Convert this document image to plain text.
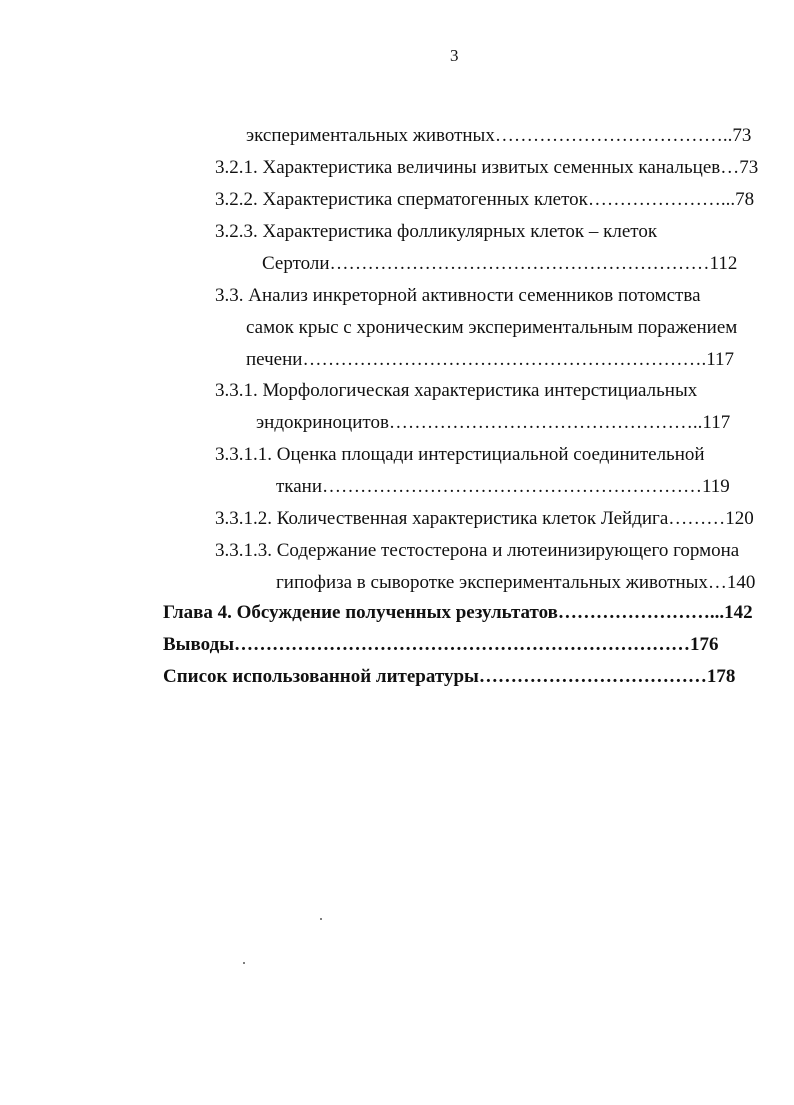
3
экспериментальных животных………………………………..73
3.2.1. Характеристика величины извитых семенных канальцев…73
3.2.2. Характеристика сперматогенных клеток…………………...78
3.2.3. Характеристика фолликулярных клеток – клеток
Сертоли……………………………………………………112
3.3. Анализ инкреторной активности семенников потомства
самок крыс с хроническим экспериментальным поражением
печени……………………………………………………….117
3.3.1. Морфологическая характеристика интерстициальных
эндокриноцитов…………………………………………..117
3.3.1.1. Оценка площади интерстициальной соединительной
ткани……………………………………………………119
3.3.1.2. Количественная характеристика клеток Лейдига………120
3.3.1.3. Содержание тестостерона и лютеинизирующего гормона
гипофиза в сыворотке экспериментальных животных…140
Глава 4. Обсуждение полученных результатов……………………...142
Выводы………………………………………………………………176
Список использованной литературы………………………………178
